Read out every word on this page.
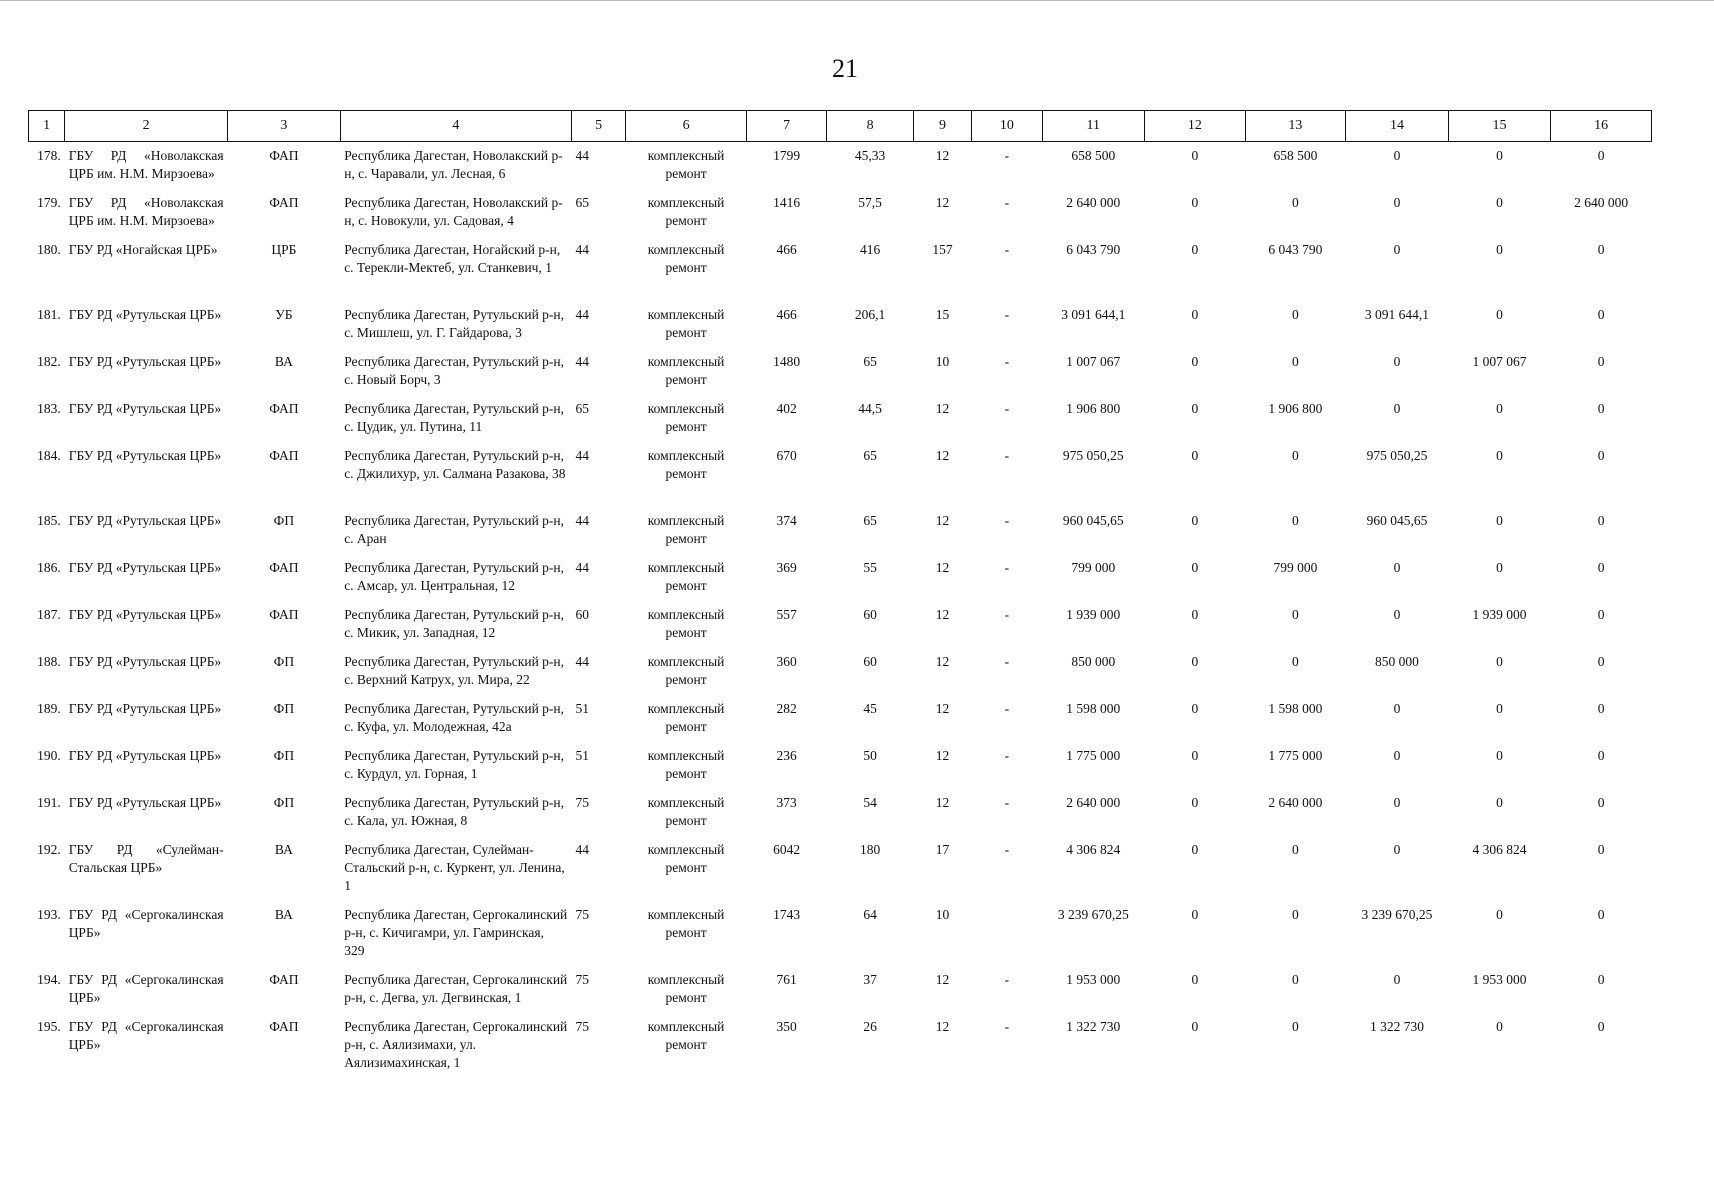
21
1	2	3	4	5	6	7	8	9	10	11	12	13	14	15	16
178.	ГБУ РД «Новолакская ЦРБ им. Н.М. Мирзоева»	ФАП	Республика Дагестан, Новолакский р-н, с. Чаравали, ул. Лесная, 6	44	комплексный ремонт	1799	45,33	12	-	658 500	0	658 500	0	0	0
179.	ГБУ РД «Новолакская ЦРБ им. Н.М. Мирзоева»	ФАП	Республика Дагестан, Новолакский р-н, с. Новокули, ул. Садовая, 4	65	комплексный ремонт	1416	57,5	12	-	2 640 000	0	0	0	0	2 640 000
180.	ГБУ РД «Ногайская ЦРБ»	ЦРБ	Республика Дагестан, Ногайский р-н, с. Терекли-Мектеб, ул. Станкевич, 1	44	комплексный ремонт	466	416	157	-	6 043 790	0	6 043 790	0	0	0
181.	ГБУ РД «Рутульская ЦРБ»	УБ	Республика Дагестан, Рутульский р-н, с. Мишлеш, ул. Г. Гайдарова, 3	44	комплексный ремонт	466	206,1	15	-	3 091 644,1	0	0	3 091 644,1	0	0
182.	ГБУ РД «Рутульская ЦРБ»	ВА	Республика Дагестан, Рутульский р-н, с. Новый Борч, 3	44	комплексный ремонт	1480	65	10	-	1 007 067	0	0	0	1 007 067	0
183.	ГБУ РД «Рутульская ЦРБ»	ФАП	Республика Дагестан, Рутульский р-н, с. Цудик, ул. Путина, 11	65	комплексный ремонт	402	44,5	12	-	1 906 800	0	1 906 800	0	0	0
184.	ГБУ РД «Рутульская ЦРБ»	ФАП	Республика Дагестан, Рутульский р-н, с. Джилихур, ул. Салмана Разакова, 38	44	комплексный ремонт	670	65	12	-	975 050,25	0	0	975 050,25	0	0
185.	ГБУ РД «Рутульская ЦРБ»	ФП	Республика Дагестан, Рутульский р-н, с. Аран	44	комплексный ремонт	374	65	12	-	960 045,65	0	0	960 045,65	0	0
186.	ГБУ РД «Рутульская ЦРБ»	ФАП	Республика Дагестан, Рутульский р-н, с. Амсар, ул. Центральная, 12	44	комплексный ремонт	369	55	12	-	799 000	0	799 000	0	0	0
187.	ГБУ РД «Рутульская ЦРБ»	ФАП	Республика Дагестан, Рутульский р-н, с. Микик, ул. Западная, 12	60	комплексный ремонт	557	60	12	-	1 939 000	0	0	0	1 939 000	0
188.	ГБУ РД «Рутульская ЦРБ»	ФП	Республика Дагестан, Рутульский р-н, с. Верхний Катрух, ул. Мира, 22	44	комплексный ремонт	360	60	12	-	850 000	0	0	850 000	0	0
189.	ГБУ РД «Рутульская ЦРБ»	ФП	Республика Дагестан, Рутульский р-н, с. Куфа, ул. Молодежная, 42а	51	комплексный ремонт	282	45	12	-	1 598 000	0	1 598 000	0	0	0
190.	ГБУ РД «Рутульская ЦРБ»	ФП	Республика Дагестан, Рутульский р-н, с. Курдул, ул. Горная, 1	51	комплексный ремонт	236	50	12	-	1 775 000	0	1 775 000	0	0	0
191.	ГБУ РД «Рутульская ЦРБ»	ФП	Республика Дагестан, Рутульский р-н, с. Кала, ул. Южная, 8	75	комплексный ремонт	373	54	12	-	2 640 000	0	2 640 000	0	0	0
192.	ГБУ РД «Сулейман-Стальская ЦРБ»	ВА	Республика Дагестан, Сулейман-Стальский р-н, с. Куркент, ул. Ленина, 1	44	комплексный ремонт	6042	180	17	-	4 306 824	0	0	0	4 306 824	0
193.	ГБУ РД «Сергокалинская ЦРБ»	ВА	Республика Дагестан, Сергокалинский р-н, с. Кичигамри, ул. Гамринская, 329	75	комплексный ремонт	1743	64	10		3 239 670,25	0	0	3 239 670,25	0	0
194.	ГБУ РД «Сергокалинская ЦРБ»	ФАП	Республика Дагестан, Сергокалинский р-н, с. Дегва, ул. Дегвинская, 1	75	комплексный ремонт	761	37	12	-	1 953 000	0	0	0	1 953 000	0
195.	ГБУ РД «Сергокалинская ЦРБ»	ФАП	Республика Дагестан, Сергокалинский р-н, с. Аялизимахи, ул. Аялизимахинская, 1	75	комплексный ремонт	350	26	12	-	1 322 730	0	0	1 322 730	0	0
